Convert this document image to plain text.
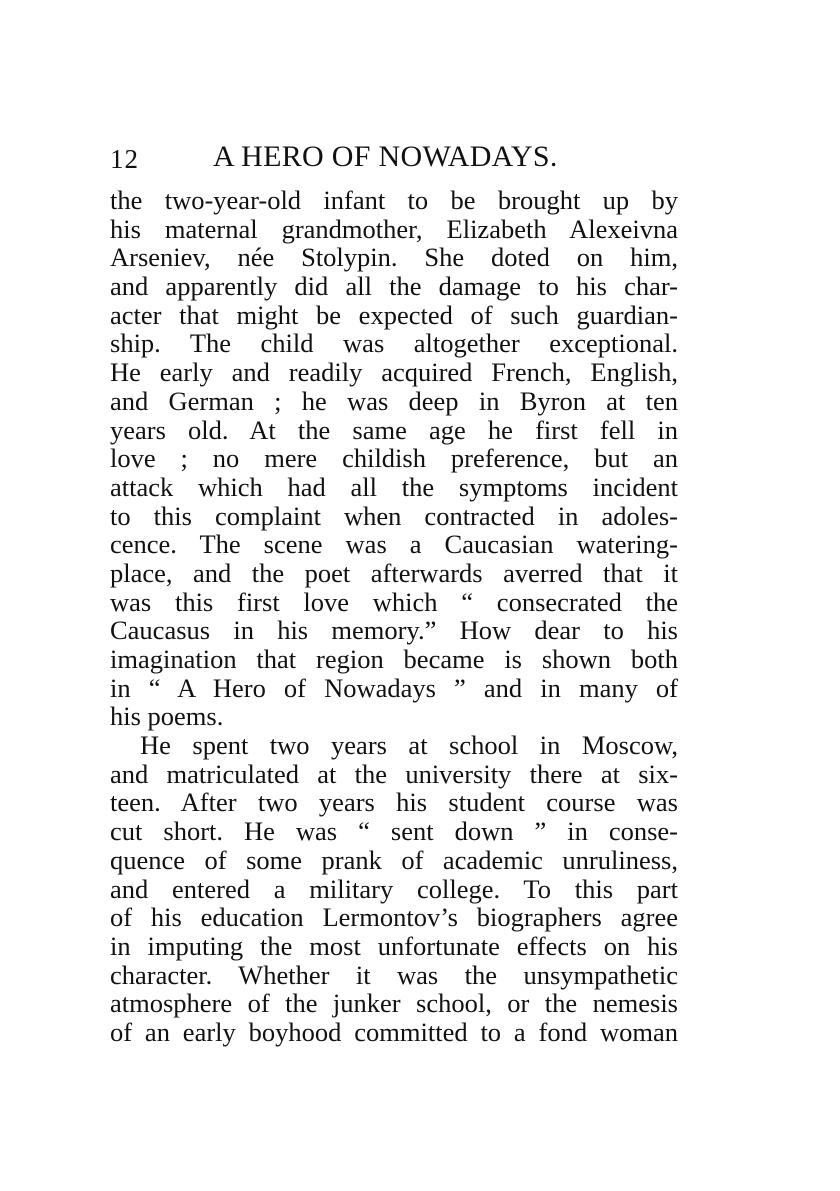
12 A HERO OF NOWADAYS.
the two-year-old infant to be brought up by
his maternal grandmother, Elizabeth Alexeivna
Arseniev, née Stolypin. She doted on him,
and apparently did all the damage to his char-
acter that might be expected of such guardian-
ship. The child was altogether exceptional.
He early and readily acquired French, English,
and German ; he was deep in Byron at ten
years old. At the same age he first fell in
love ; no mere childish preference, but an
attack which had all the symptoms incident
to this complaint when contracted in adoles-
cence. The scene was a Caucasian watering-
place, and the poet afterwards averred that it
was this first love which “ consecrated the
Caucasus in his memory.” How dear to his
imagination that region became is shown both
in “ A Hero of Nowadays ” and in many of
his poems.
He spent two years at school in Moscow,
and matriculated at the university there at six-
teen. After two years his student course was
cut short. He was “ sent down ” in conse-
quence of some prank of academic unruliness,
and entered a military college. To this part
of his education Lermontov’s biographers agree
in imputing the most unfortunate effects on his
character. Whether it was the unsympathetic
atmosphere of the junker school, or the nemesis
of an early boyhood committed to a fond woman
